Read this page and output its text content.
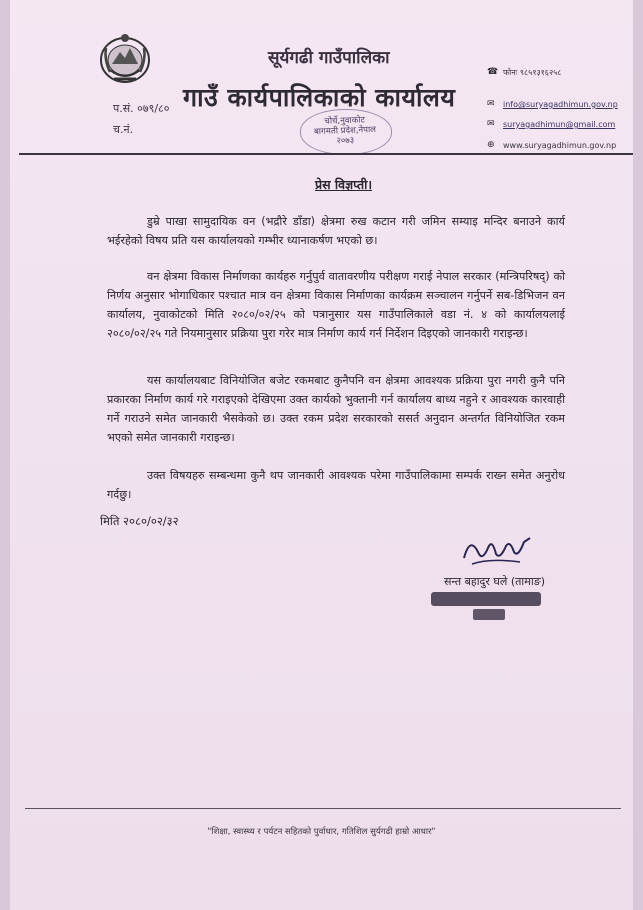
सूर्यगढी गाउँपालिका
गाउँ कार्यपालिकाको कार्यालय
चोर्चे,नुवाकोट
बागमती प्रदेश,नेपाल
२०७३
प.सं. ०७९/८०
च.नं.
☎ फोनः ९८५१३१६२५८
✉ info@suryagadhimun.gov.np
✉ suryagadhimun@gmail.com
⊕ www.suryagadhimun.gov.np
प्रेस विज्ञप्ती।
डुम्रे पाखा सामुदायिक वन (भद्रौरे डाँडा) क्षेत्रमा रुख कटान गरी जमिन सम्याइ मन्दिर बनाउने कार्य भईरहेको विषय प्रति यस कार्यालयको गम्भीर ध्यानाकर्षण भएको छ।
वन क्षेत्रमा विकास निर्माणका कार्यहरु गर्नुपुर्व वातावरणीय परीक्षण गराई नेपाल सरकार (मन्त्रिपरिषद्) को निर्णय अनुसार भोगाधिकार पश्चात मात्र वन क्षेत्रमा विकास निर्माणका कार्यक्रम सञ्चालन गर्नुपर्ने सब-डिभिजन वन कार्यालय, नुवाकोटको मिति २०८०/०२/२५ को पत्रानुसार यस गाउँपालिकाले वडा नं. ४ को कार्यालयलाई २०८०/०२/२५ गते नियमानुसार प्रक्रिया पुरा गरेर मात्र निर्माण कार्य गर्न निर्देशन दिइएको जानकारी गराइन्छ।
यस कार्यालयबाट विनियोजित बजेट रकमबाट कुनैपनि वन क्षेत्रमा आवश्यक प्रक्रिया पुरा नगरी कुनै पनि प्रकारका निर्माण कार्य गरे गराइएको देखिएमा उक्त कार्यको भुक्तानी गर्न कार्यालय बाध्य नहुने र आवश्यक कारवाही गर्ने गराउने समेत जानकारी भैसकेको छ। उक्त रकम प्रदेश सरकारको ससर्त अनुदान अन्तर्गत विनियोजित रकम भएको समेत जानकारी गराइन्छ।
उक्त विषयहरु सम्बन्धमा कुनै थप जानकारी आवश्यक परेमा गाउँपालिकामा सम्पर्क राख्न समेत अनुरोध गर्दछु।
मिति २०८०/०२/३२
सन्त बहादुर घले (तामाङ)
"शिक्षा, स्वास्थ्य र पर्यटन सहितको पुर्वाधार, गतिशिल सुर्यगढी हाम्रो आधार"
